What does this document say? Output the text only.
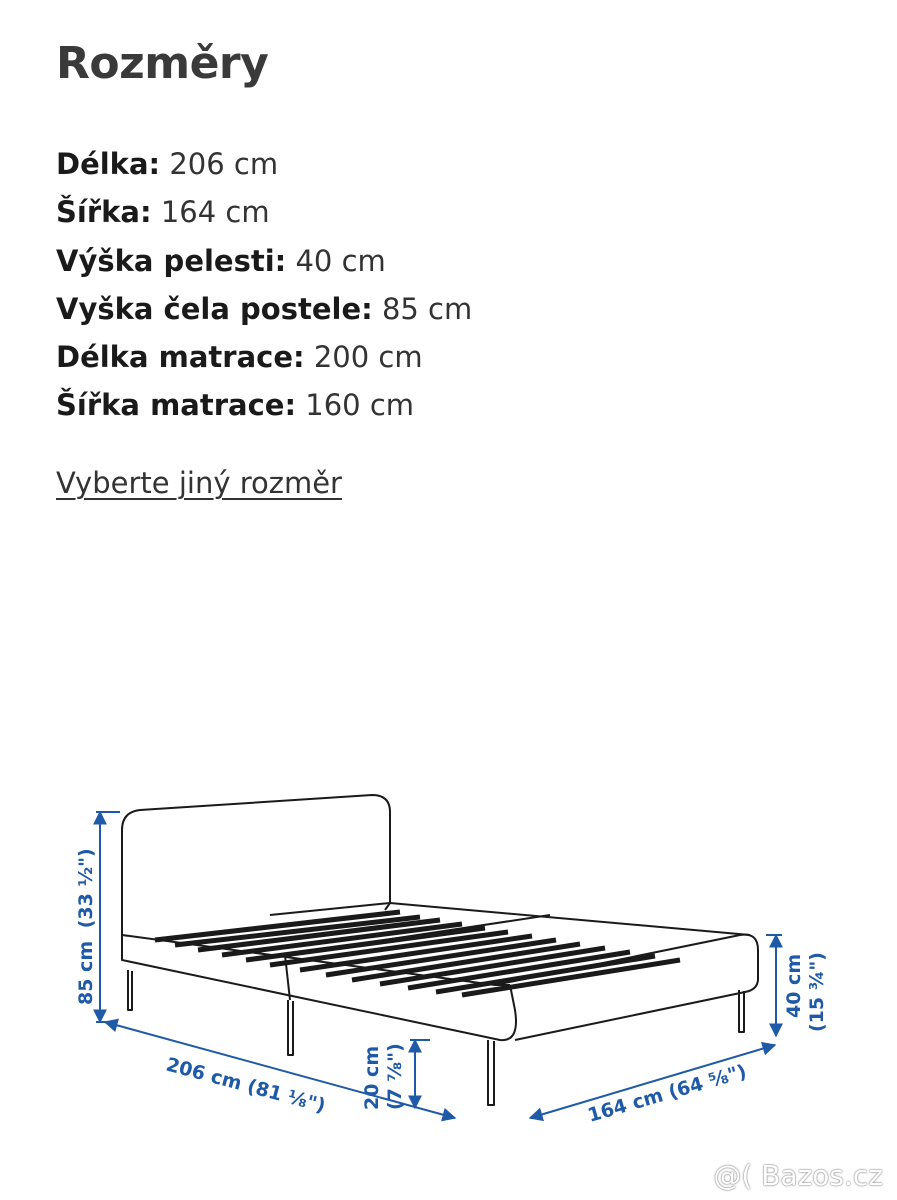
Rozměry
Délka: 206 cm
Šířka: 164 cm
Výška pelesti: 40 cm
Vyška čela postele: 85 cm
Délka matrace: 200 cm
Šířka matrace: 160 cm
Vyberte jiný rozměr
85 cm (33 ½")
206 cm (81 ⅛") 20 cm (7 ⅞")	164 cm (64 ⅝")
40 cm (15 ¾")
@( Bazos.cz
